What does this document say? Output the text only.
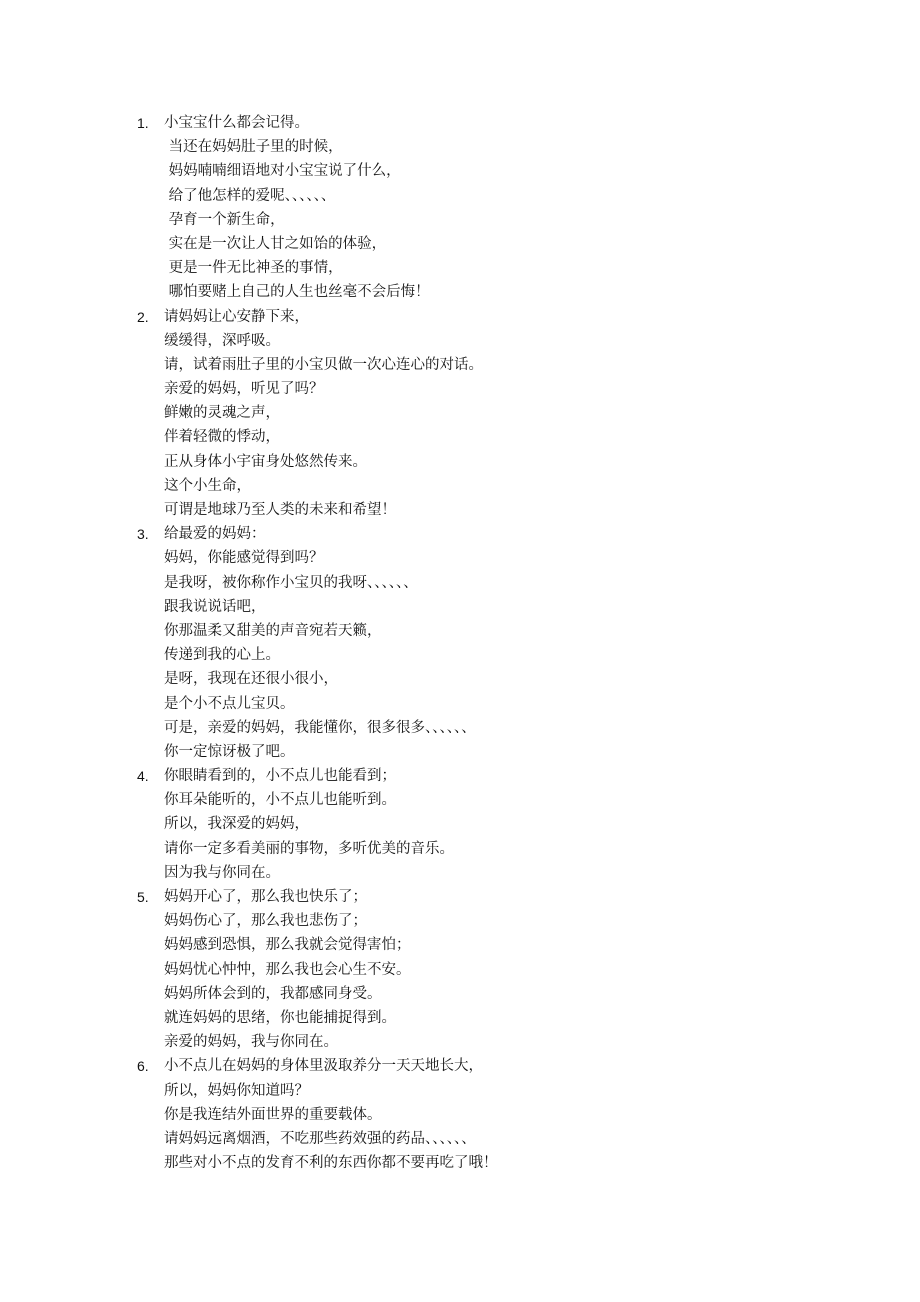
1. 小宝宝什么都会记得。
当还在妈妈肚子里的时候，
妈妈喃喃细语地对小宝宝说了什么，
给了他怎样的爱呢、、、、、、
孕育一个新生命，
实在是一次让人甘之如饴的体验，
更是一件无比神圣的事情，
哪怕要赌上自己的人生也丝毫不会后悔！
2. 请妈妈让心安静下来，
缓缓得，深呼吸。
请，试着雨肚子里的小宝贝做一次心连心的对话。
亲爱的妈妈，听见了吗？
鲜嫩的灵魂之声，
伴着轻微的悸动，
正从身体小宇宙身处悠然传来。
这个小生命，
可谓是地球乃至人类的未来和希望！
3. 给最爱的妈妈：
妈妈，你能感觉得到吗？
是我呀，被你称作小宝贝的我呀、、、、、、
跟我说说话吧，
你那温柔又甜美的声音宛若天籁，
传递到我的心上。
是呀，我现在还很小很小，
是个小不点儿宝贝。
可是，亲爱的妈妈，我能懂你，很多很多、、、、、、
你一定惊讶极了吧。
4. 你眼睛看到的，小不点儿也能看到；
你耳朵能听的，小不点儿也能听到。
所以，我深爱的妈妈，
请你一定多看美丽的事物，多听优美的音乐。
因为我与你同在。
5. 妈妈开心了，那么我也快乐了；
妈妈伤心了，那么我也悲伤了；
妈妈感到恐惧，那么我就会觉得害怕；
妈妈忧心忡忡，那么我也会心生不安。
妈妈所体会到的，我都感同身受。
就连妈妈的思绪，你也能捕捉得到。
亲爱的妈妈，我与你同在。
6. 小不点儿在妈妈的身体里汲取养分一天天地长大，
所以，妈妈你知道吗？
你是我连结外面世界的重要载体。
请妈妈远离烟酒，不吃那些药效强的药品、、、、、、
那些对小不点的发育不利的东西你都不要再吃了哦！
